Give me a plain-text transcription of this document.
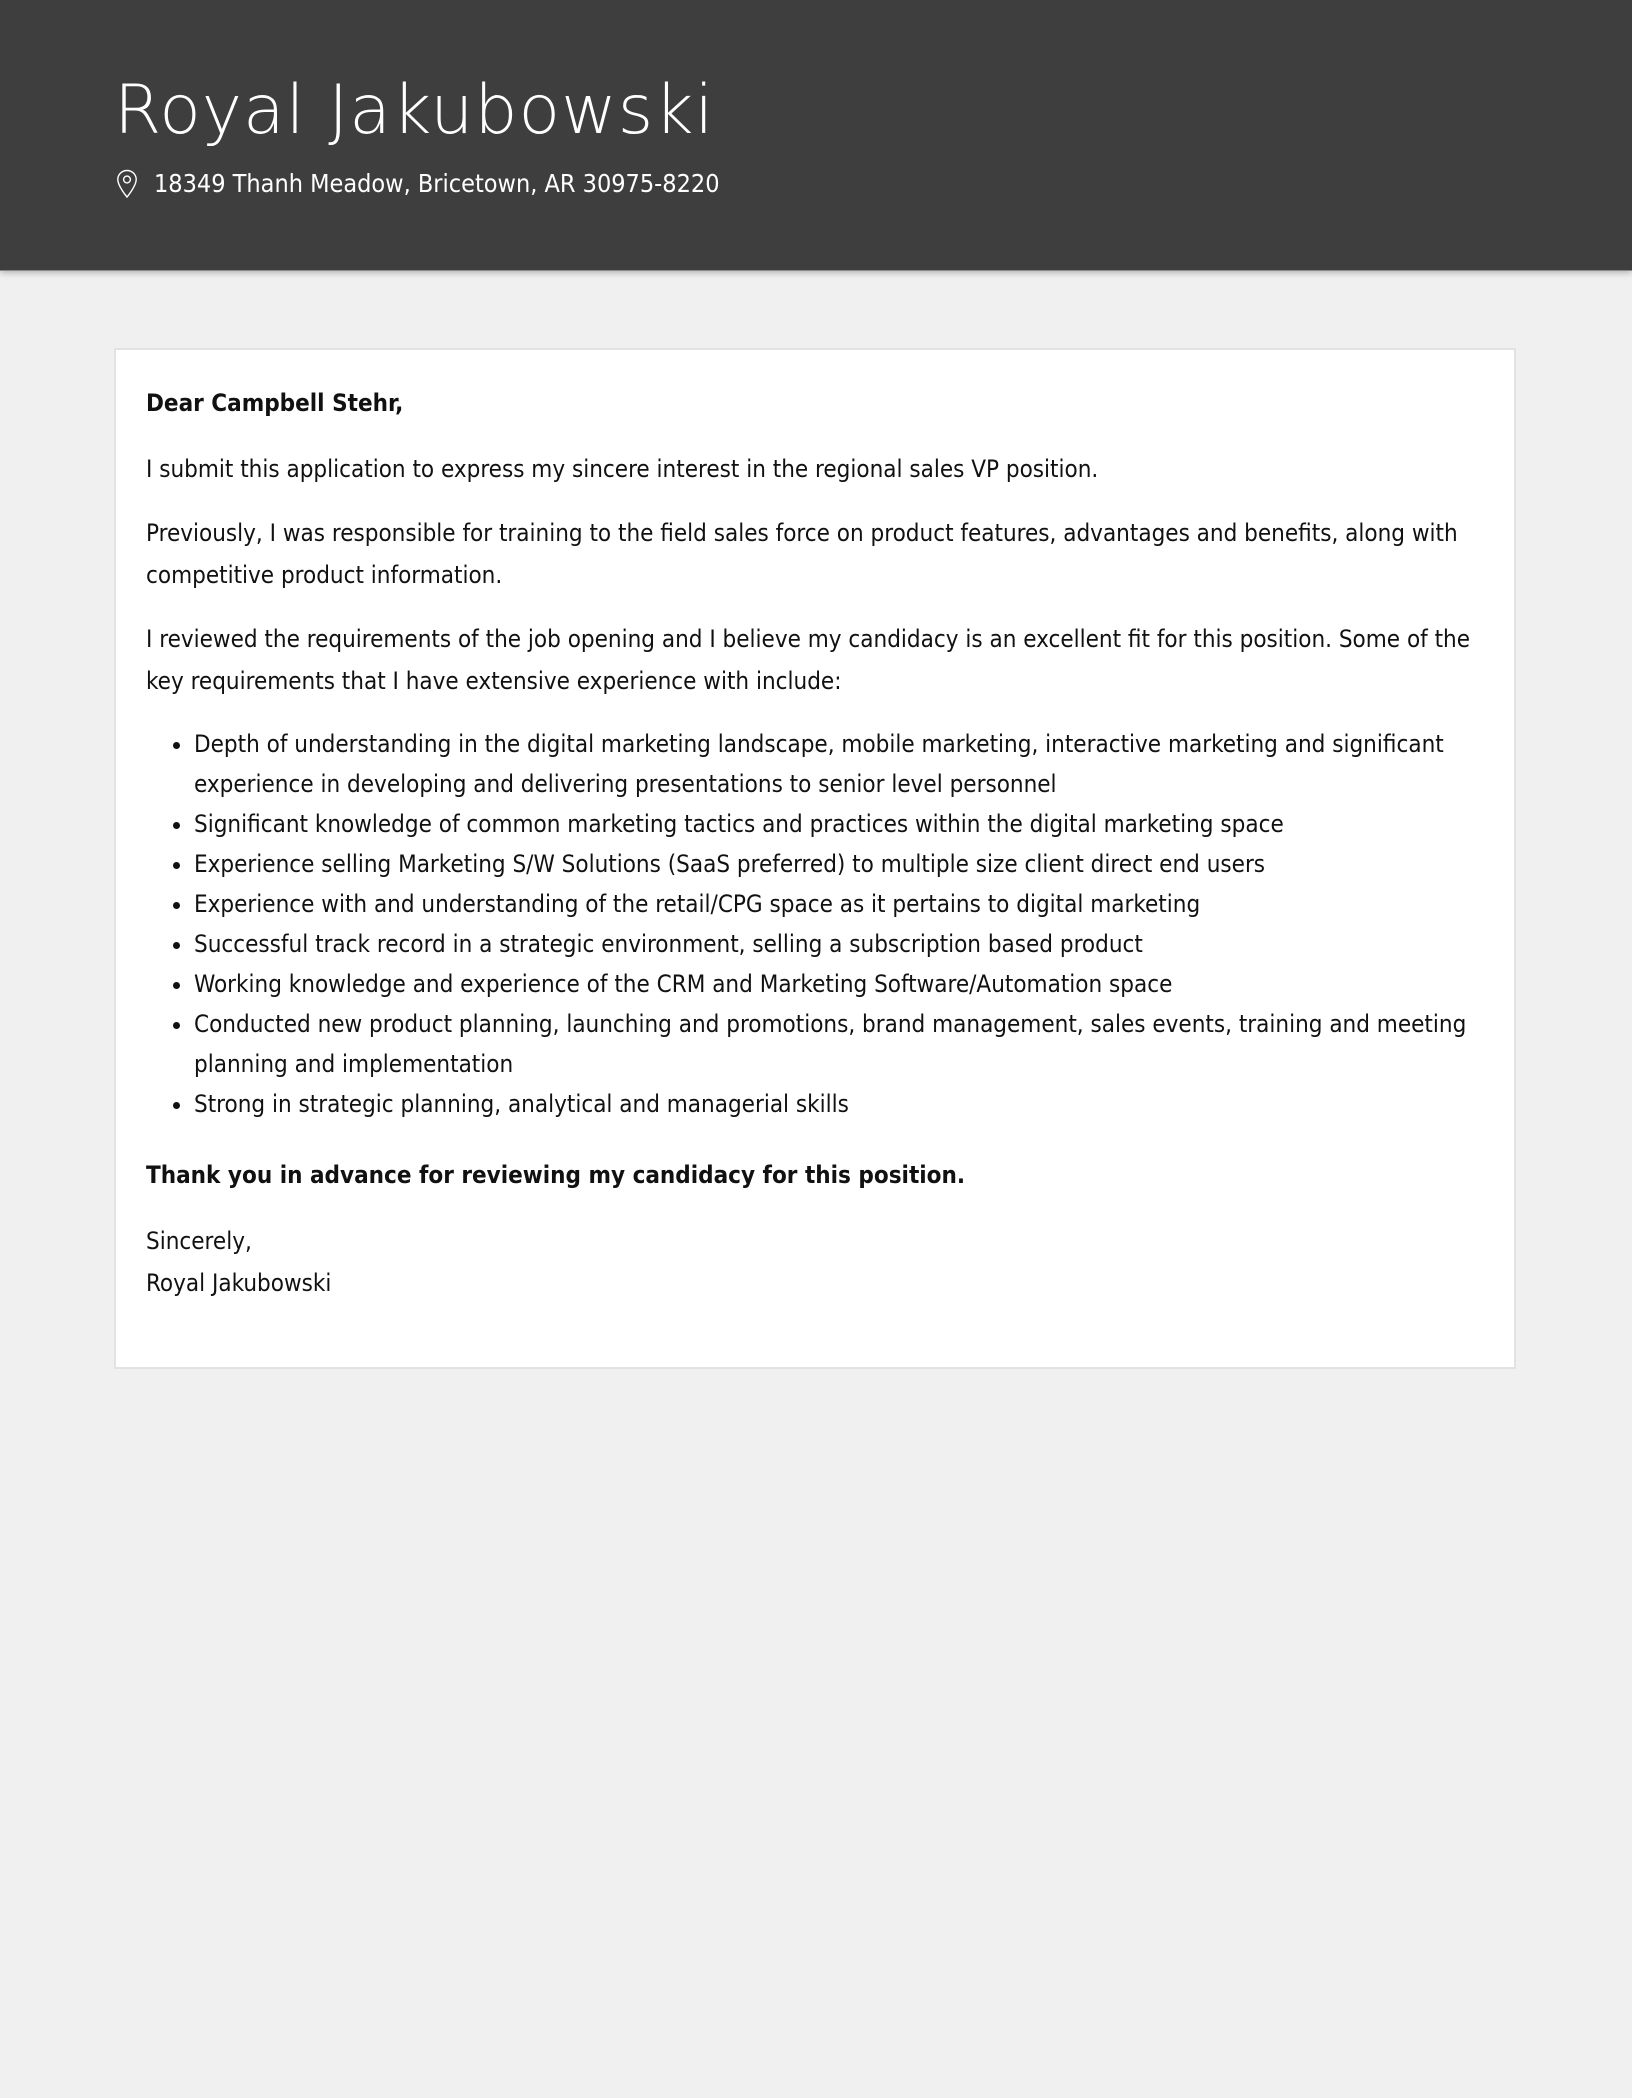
Royal Jakubowski
18349 Thanh Meadow, Bricetown, AR 30975-8220

Dear Campbell Stehr,

I submit this application to express my sincere interest in the regional sales VP position.

Previously, I was responsible for training to the field sales force on product features, advantages and benefits, along with competitive product information.

I reviewed the requirements of the job opening and I believe my candidacy is an excellent fit for this position. Some of the key requirements that I have extensive experience with include:

• Depth of understanding in the digital marketing landscape, mobile marketing, interactive marketing and significant experience in developing and delivering presentations to senior level personnel
• Significant knowledge of common marketing tactics and practices within the digital marketing space
• Experience selling Marketing S/W Solutions (SaaS preferred) to multiple size client direct end users
• Experience with and understanding of the retail/CPG space as it pertains to digital marketing
• Successful track record in a strategic environment, selling a subscription based product
• Working knowledge and experience of the CRM and Marketing Software/Automation space
• Conducted new product planning, launching and promotions, brand management, sales events, training and meeting planning and implementation
• Strong in strategic planning, analytical and managerial skills

Thank you in advance for reviewing my candidacy for this position.

Sincerely,

Royal Jakubowski
